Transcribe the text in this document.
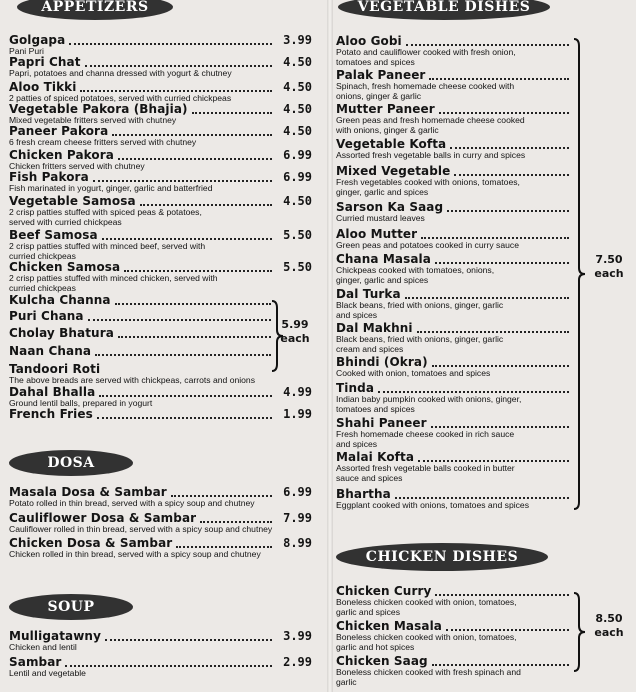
APPETIZERS
Golgapa	3.99
Pani Puri
Papri Chat	4.50
Papri, potatoes and channa dressed with yogurt & chutney
Aloo Tikki	4.50
2 patties of spiced potatoes, served with curried chickpeas
Vegetable Pakora (Bhajia)	4.50
Mixed vegetable fritters served with chutney
Paneer Pakora	4.50
6 fresh cream cheese fritters served with chutney
Chicken Pakora	6.99
Chicken fritters served with chutney
Fish Pakora	6.99
Fish marinated in yogurt, ginger, garlic and batterfried
Vegetable Samosa	4.50
2 crisp patties stuffed with spiced peas & potatoes,
served with curried chickpeas
Beef Samosa	5.50
2 crisp patties stuffed with minced beef, served with
curried chickpeas
Chicken Samosa	5.50
2 crisp patties stuffed with minced chicken, served with
curried chickpeas
Kulcha Channa
Puri Chana
Cholay Bhatura
Naan Chana
Tandoori Roti
5.99
each
The above breads are served with chickpeas, carrots and onions
Dahal Bhalla	4.99
Ground lentil balls, prepared in yogurt
French Fries	1.99
DOSA
Masala Dosa & Sambar	6.99
Potato rolled in thin bread, served with a spicy soup and chutney
Cauliflower Dosa & Sambar	7.99
Cauliflower rolled in thin bread, served with a spicy soup and chutney
Chicken Dosa & Sambar	8.99
Chicken rolled in thin bread, served with a spicy soup and chutney
SOUP
Mulligatawny	3.99
Chicken and lentil
Sambar	2.99
Lentil and vegetable
VEGETABLE DISHES
Aloo Gobi
Potato and cauliflower cooked with fresh onion,
tomatoes and spices
Palak Paneer
Spinach, fresh homemade cheese cooked with
onions, ginger & garlic
Mutter Paneer
Green peas and fresh homemade cheese cooked
with onions, ginger & garlic
Vegetable Kofta
Assorted fresh vegetable balls in curry and spices
Mixed Vegetable
Fresh vegetables cooked with onions, tomatoes,
ginger, garlic and spices
Sarson Ka Saag
Curried mustard leaves
Aloo Mutter
Green peas and potatoes cooked in curry sauce
Chana Masala
Chickpeas cooked with tomatoes, onions,
ginger, garlic and spices
Dal Turka
Black beans, fried with onions, ginger, garlic
and spices
Dal Makhni
Black beans, fried with onions, ginger, garlic
cream and spices
Bhindi (Okra)
Cooked with onion, tomatoes and spices
Tinda
Indian baby pumpkin cooked with onions, ginger,
tomatoes and spices
Shahi Paneer
Fresh homemade cheese cooked in rich sauce
and spices
Malai Kofta
Assorted fresh vegetable balls cooked in butter
sauce and spices
Bhartha
Eggplant cooked with onions, tomatoes and spices
7.50
each
CHICKEN DISHES
Chicken Curry
Boneless chicken cooked with onion, tomatoes,
garlic and spices
Chicken Masala
Boneless chicken cooked with onion, tomatoes,
garlic and hot spices
Chicken Saag
Boneless chicken cooked with fresh spinach and
garlic
8.50
each
